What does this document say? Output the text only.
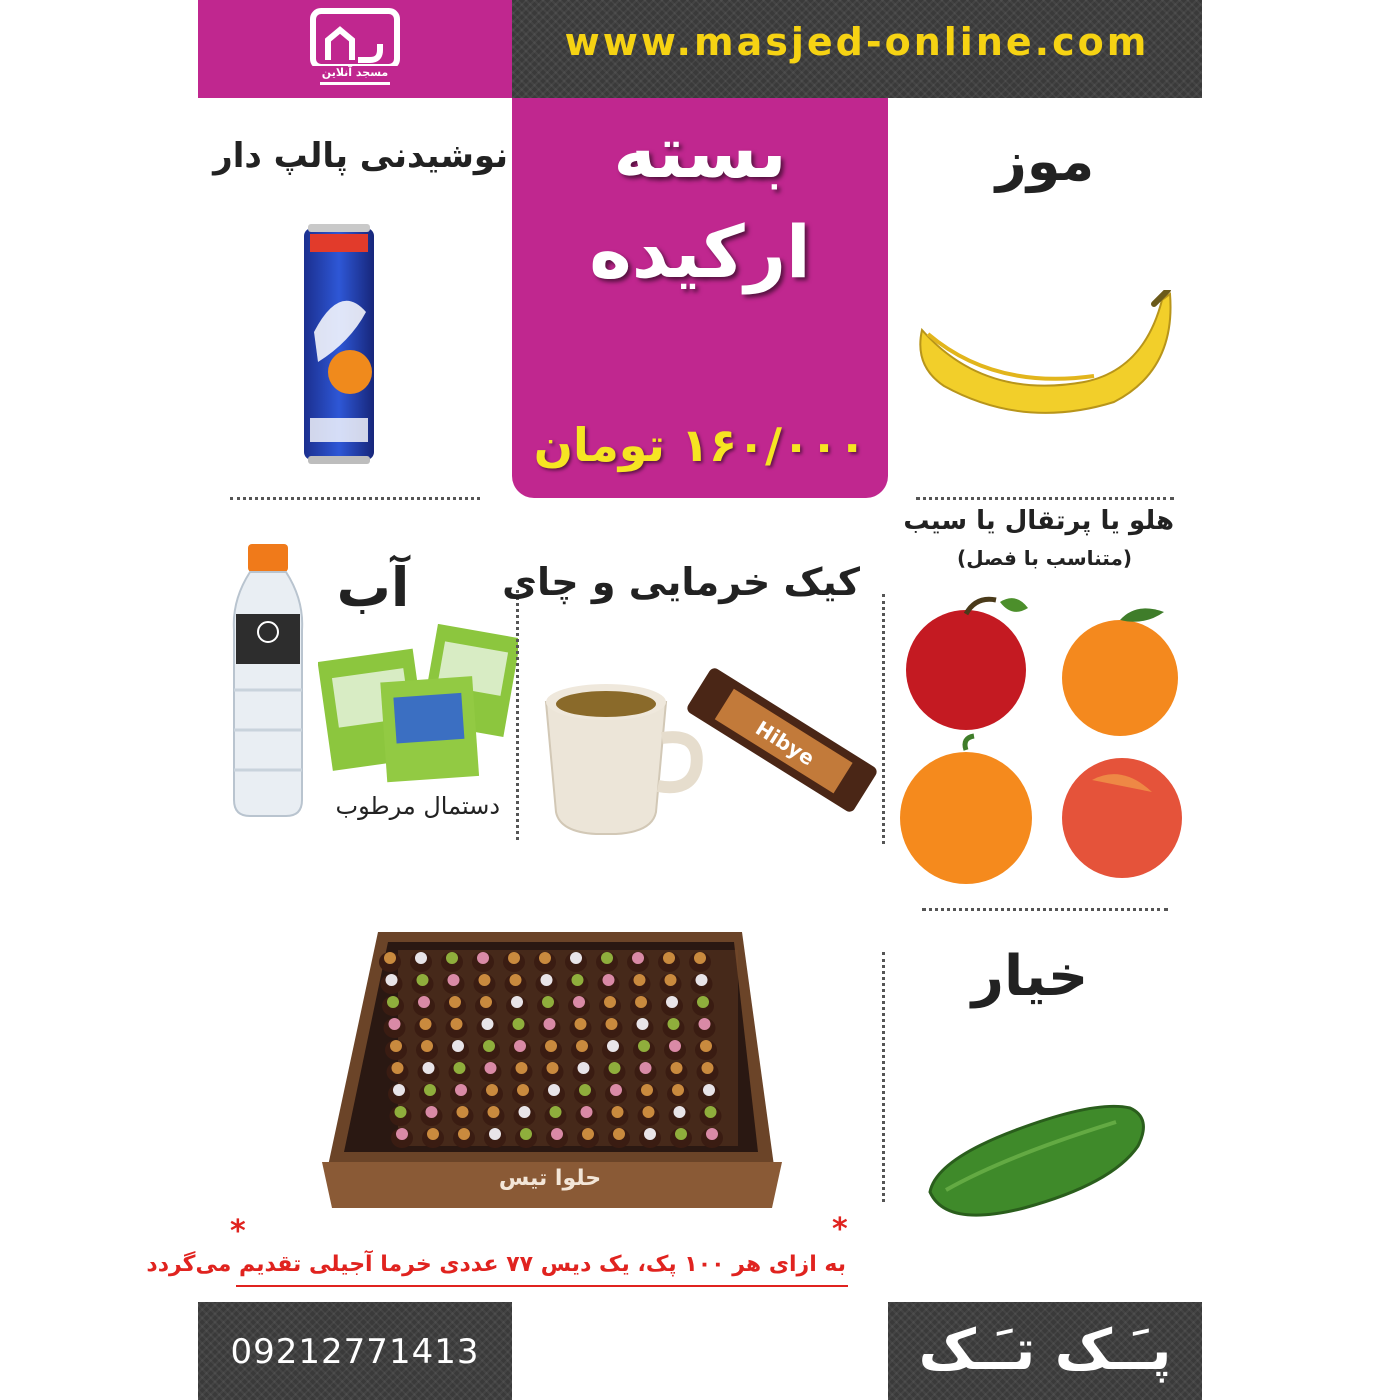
مسجد آنلاین
www.masjed-online.com
بسته
ارکیده
۱۶۰/۰۰۰ تومان
نوشیدنی پالپ دار	موز
هلو یا پرتقال یا سیب
(متناسب با فصل)
آب
دستمال مرطوب
کیک خرمایی و چای
Hibye
حلوا تیس
خیار
*	*
به ازای هر ۱۰۰ پک، یک دیس ۷۷ عددی خرما آجیلی تقدیم می‌گردد
09212771413	پـَـک تـَـک
